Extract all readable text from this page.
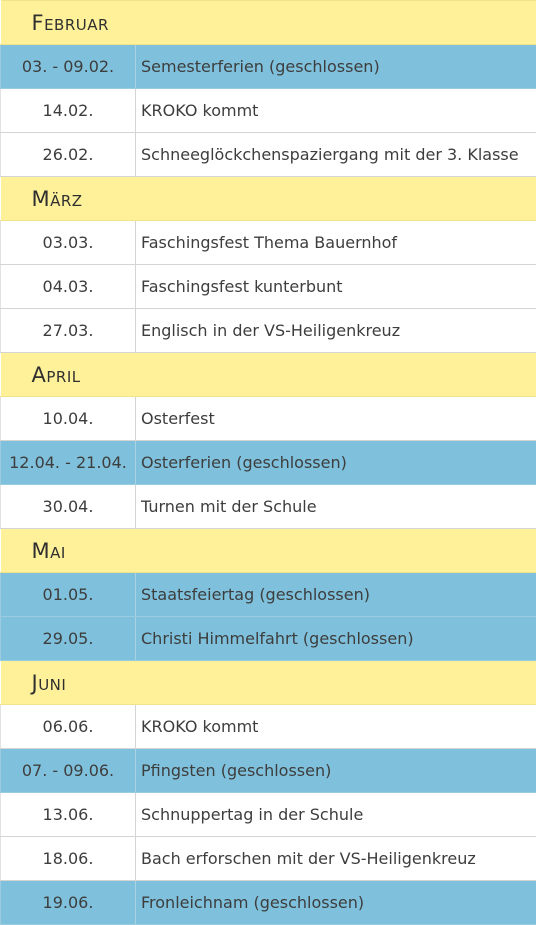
Februar	
03. - 09.02.	Semesterferien (geschlossen)
14.02.	KROKO kommt
26.02.	Schneeglöckchenspaziergang mit der 3. Klasse
März	
03.03.	Faschingsfest Thema Bauernhof
04.03.	Faschingsfest kunterbunt
27.03.	Englisch in der VS-Heiligenkreuz
April	
10.04.	Osterfest
12.04. - 21.04.	Osterferien (geschlossen)
30.04.	Turnen mit der Schule
Mai	
01.05.	Staatsfeiertag (geschlossen)
29.05.	Christi Himmelfahrt (geschlossen)
Juni	
06.06.	KROKO kommt
07. - 09.06.	Pfingsten (geschlossen)
13.06.	Schnuppertag in der Schule
18.06.	Bach erforschen mit der VS-Heiligenkreuz
19.06.	Fronleichnam (geschlossen)
